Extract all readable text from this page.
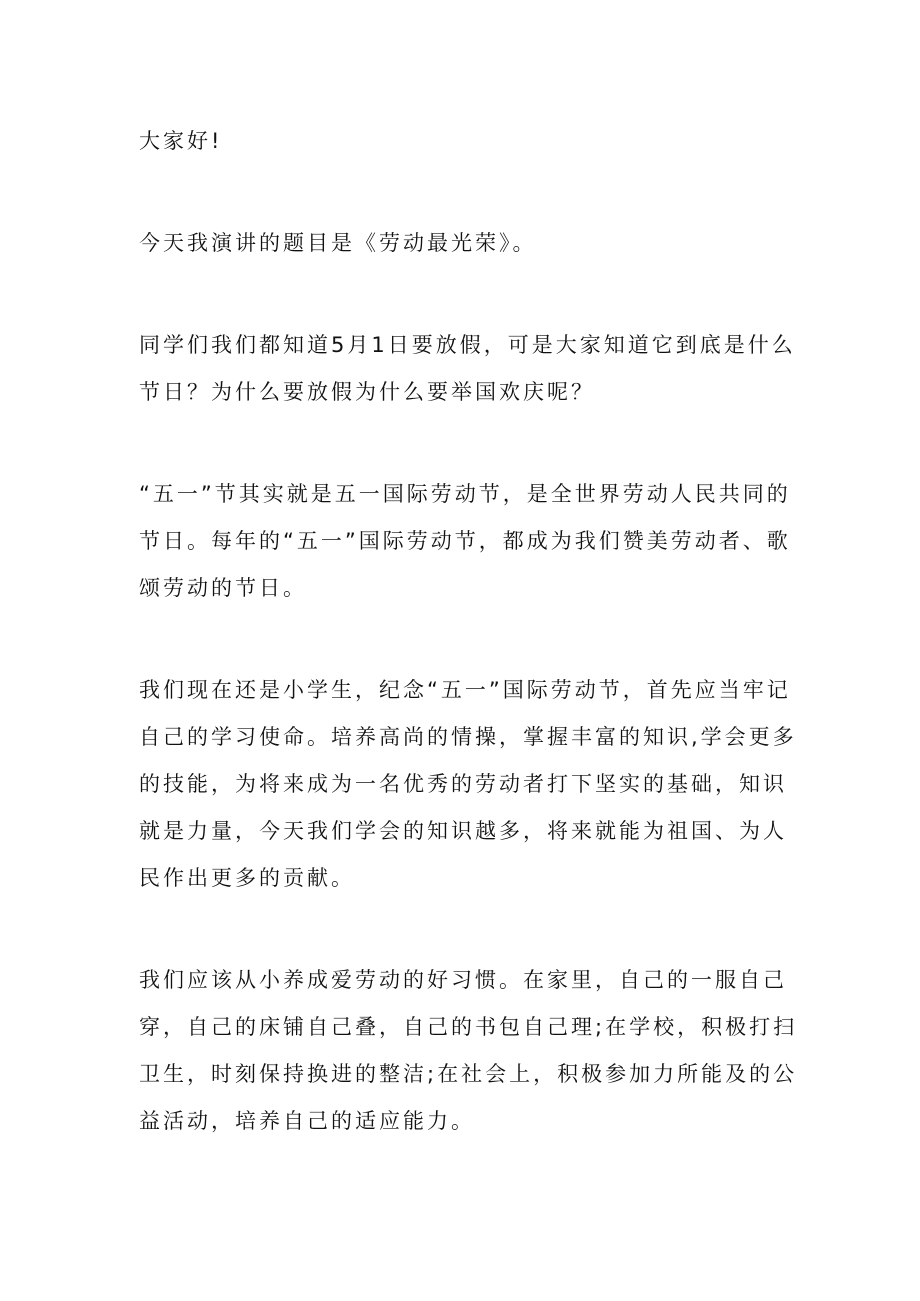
大家好!

今天我演讲的题目是《劳动最光荣》。

同学们我们都知道5月1日要放假，可是大家知道它到底是什么节日？为什么要放假为什么要举国欢庆呢？

“五一”节其实就是五一国际劳动节，是全世界劳动人民共同的节日。每年的“五一”国际劳动节，都成为我们赞美劳动者、歌颂劳动的节日。

我们现在还是小学生，纪念“五一”国际劳动节，首先应当牢记自己的学习使命。培养高尚的情操，掌握丰富的知识,学会更多的技能，为将来成为一名优秀的劳动者打下坚实的基础，知识就是力量，今天我们学会的知识越多，将来就能为祖国、为人民作出更多的贡献。

我们应该从小养成爱劳动的好习惯。在家里，自己的一服自己穿，自己的床铺自己叠，自己的书包自己理;在学校，积极打扫卫生，时刻保持换进的整洁;在社会上，积极参加力所能及的公益活动，培养自己的适应能力。
